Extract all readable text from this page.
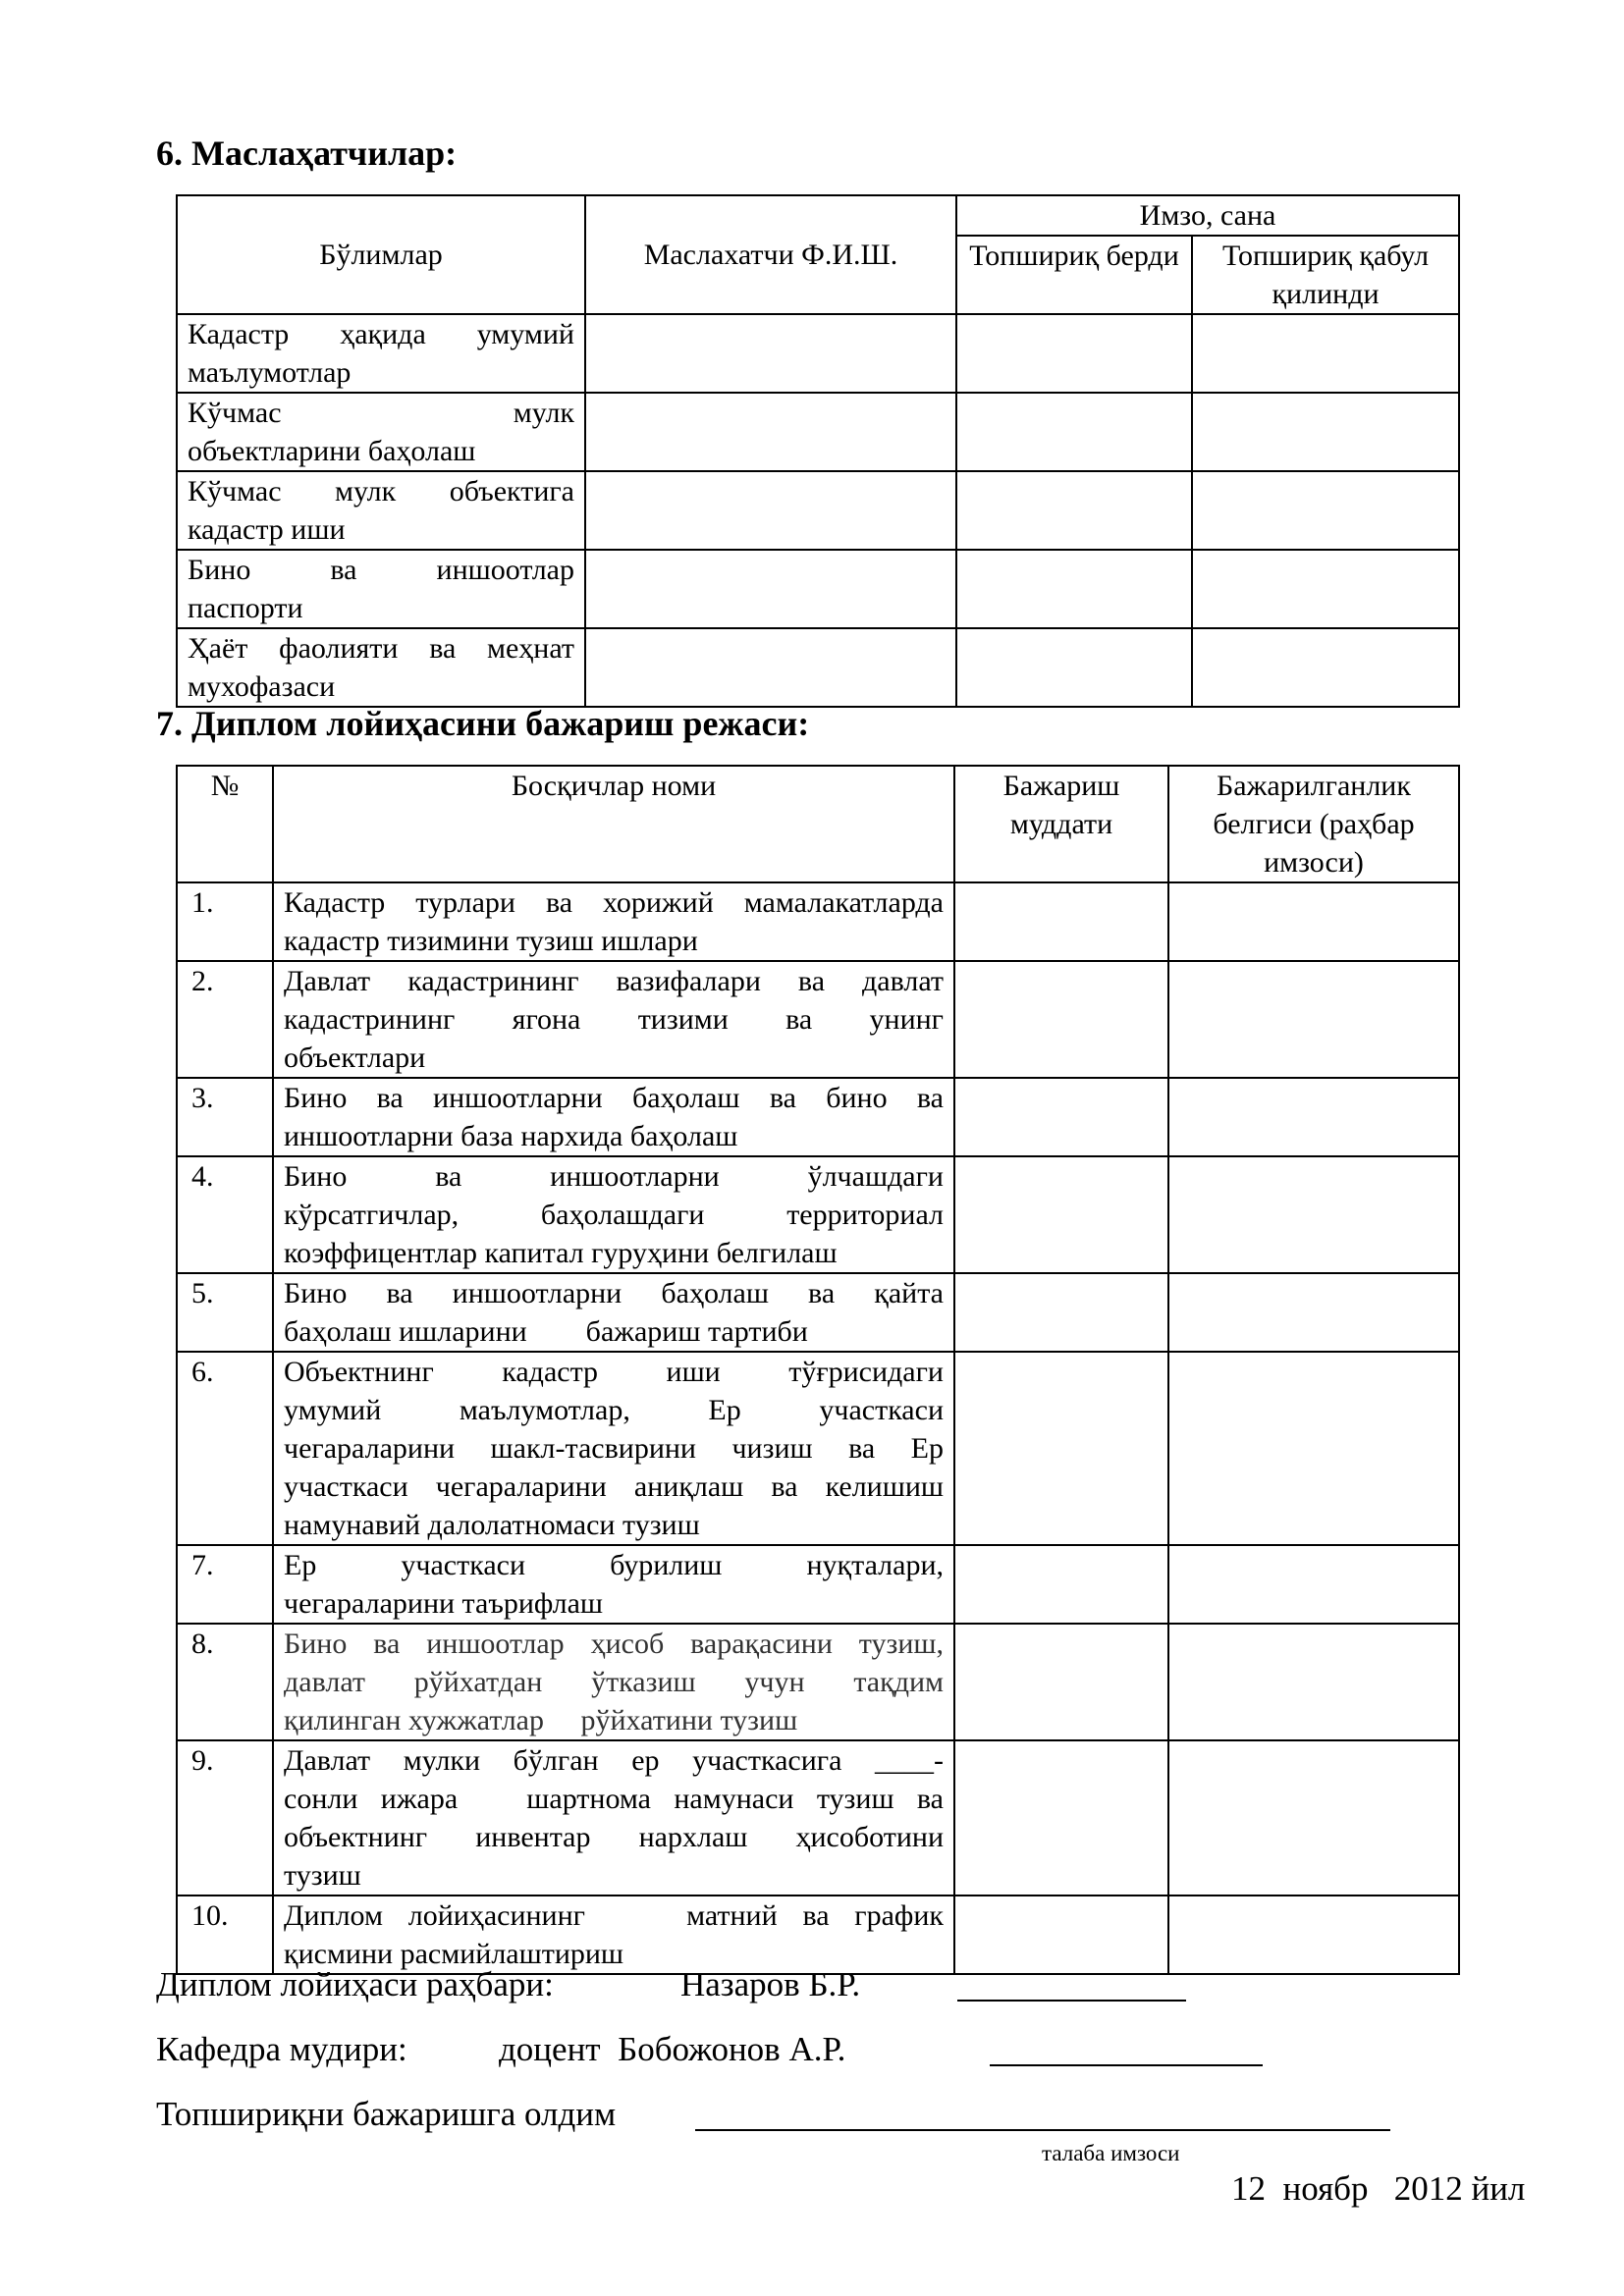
6. Маслаҳатчилар:
Бўлимлар	Маслахатчи Ф.И.Ш.	Имзо, сана	
		Топшириқ берди	Топшириқ қабул қилинди

Кадастр ҳақида умумий
маълумотлар			

Кўчмас мулк
объектларини баҳолаш			

Кўчмас мулк объектига
кадастр иши			

Бино ва иншоотлар
паспорти			

Ҳаёт фаолияти ва меҳнат
мухофазаси			

7. Диплом лойиҳасини бажариш режаси:
№	Босқичлар номи	Бажариш муддати	Бажарилганлик белгиси (раҳбар имзоси)
1.	Кадастр турлари ва хорижий мамалакатларда
кадастр тизимини тузиш ишлари		

2.	Давлат кадастрининг вазифалари ва давлат
кадастрининг ягона тизими ва унинг
объектлари		

3.	Бино ва иншоотларни баҳолаш ва бино ва
иншоотларни база нархида баҳолаш		

4.	Бино ва иншоотларни ўлчашдаги
кўрсатгичлар, баҳолашдаги территориал
коэффицентлар капитал гуруҳини белгилаш		

5.	Бино ва иншоотларни баҳолаш ва қайта
баҳолаш ишларини        бажариш тартиби		

6.	Объектнинг кадастр иши тўғрисидаги
умумий маълумотлар, Ер участкаси
чегараларини шакл-тасвирини чизиш ва Ер
участкаси чегараларини аниқлаш ва келишиш
намунавий далолатномаси тузиш		

7.	Ер участкаси бурилиш нуқталари,
чегараларини таърифлаш		

8.	Бино ва иншоотлар ҳисоб варақасини тузиш,
давлат рўйхатдан ўтказиш учун тақдим
қилинган хужжатлар     рўйхатини тузиш		

9.	Давлат мулки бўлган ер участкасига ____-
сонли ижара   шартнома намунаси тузиш ва
объектнинг инвентар нархлаш ҳисоботини
тузиш		

10.	Диплом лойиҳасининг    матний ва график
қисмини расмийлаштириш		

Диплом лойиҳаси раҳбари:	Назаров Б.Р.
Кафедра мудири:	доцент  Бобожонов А.Р.
Топшириқни бажаришга олдим
талаба имзоси
12  ноябр   2012 йил
